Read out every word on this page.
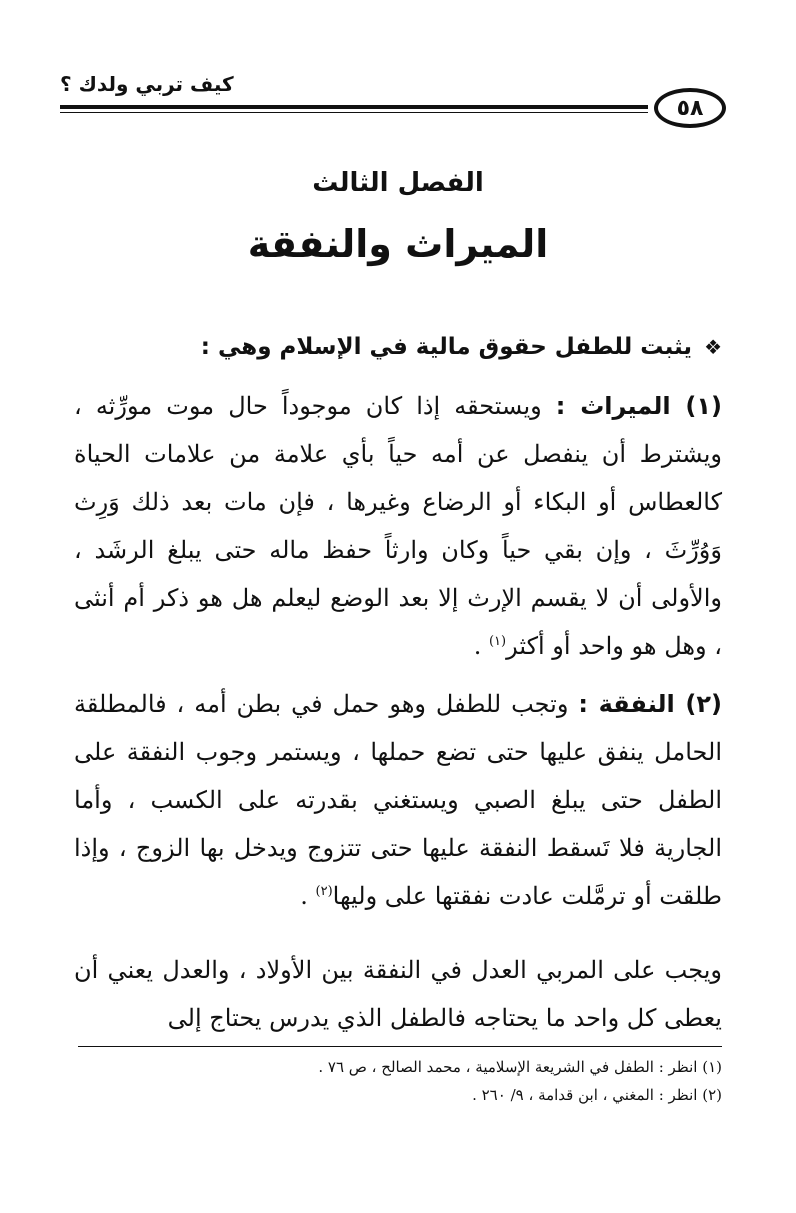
كيف تربي ولدك ؟
٥٨
الفصل الثالث
الميراث والنفقة
❖
يثبت للطفل حقوق مالية في الإسلام وهي :
(١) الميراث : ويستحقه إذا كان موجوداً حال موت مورِّثه ، ويشترط أن ينفصل عن أمه حياً بأي علامة من علامات الحياة كالعطاس أو البكاء أو الرضاع وغيرها ، فإن مات بعد ذلك وَرِث وَوُرِّثَ ، وإن بقي حياً وكان وارثاً حفظ ماله حتى يبلغ الرشَد ، والأولى أن لا يقسم الإرث إلا بعد الوضع ليعلم هل هو ذكر أم أنثى ، وهل هو واحد أو أكثر$^{(١)}$ .
(٢) النفقة : وتجب للطفل وهو حمل في بطن أمه ، فالمطلقة الحامل ينفق عليها حتى تضع حملها ، ويستمر وجوب النفقة على الطفل حتى يبلغ الصبي ويستغني بقدرته على الكسب ، وأما الجارية فلا تَسقط النفقة عليها حتى تتزوج ويدخل بها الزوج ، وإذا طلقت أو ترمَّلت عادت نفقتها على وليها$^{(٢)}$ .
ويجب على المربي العدل في النفقة بين الأولاد ، والعدل يعني أن يعطى كل واحد ما يحتاجه فالطفل الذي يدرس يحتاج إلى
(١) انظر : الطفل في الشريعة الإسلامية ، محمد الصالح ، ص ٧٦ .
(٢) انظر : المغني ، ابن قدامة ، ٩/ ٢٦٠ .
